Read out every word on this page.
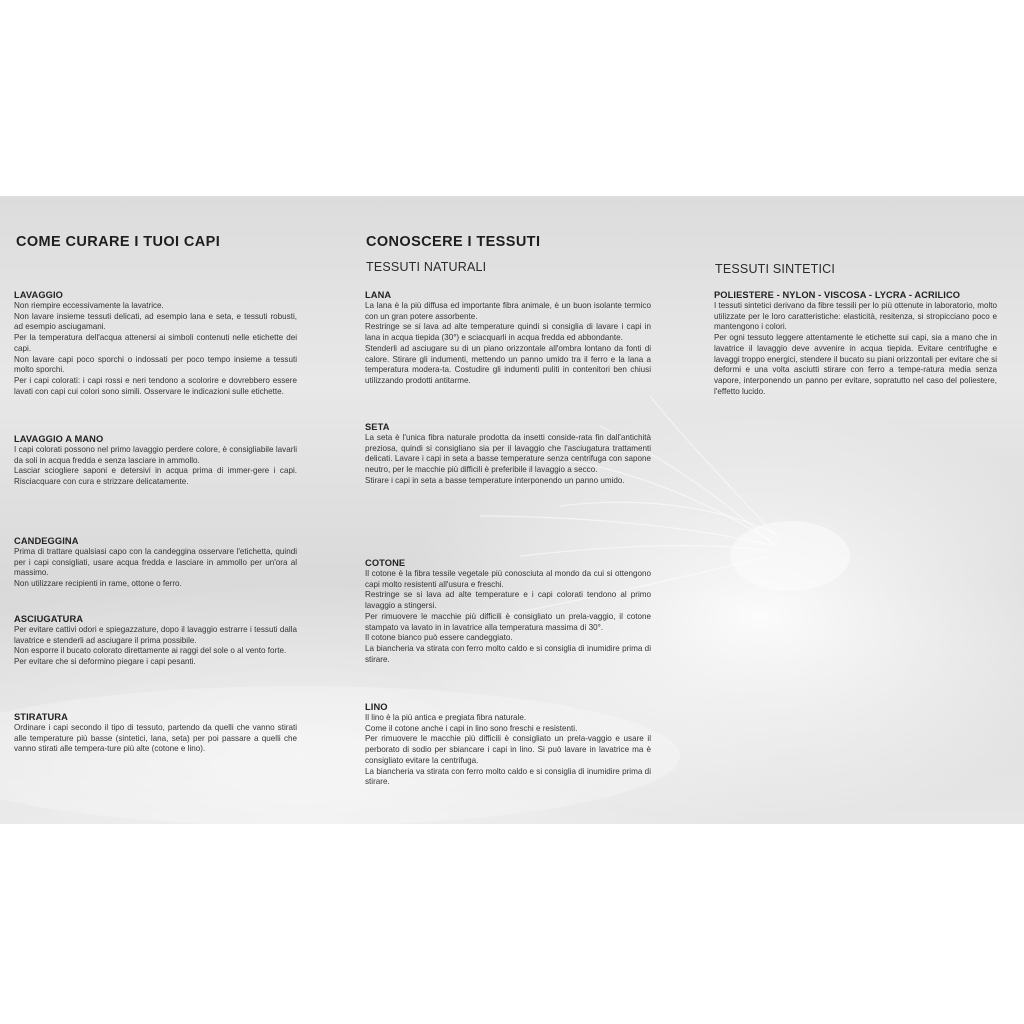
COME CURARE I TUOI CAPI

LAVAGGIO

Non riempire eccessivamente la lavatrice.

Non lavare insieme tessuti delicati, ad esempio lana e seta, e tessuti robusti, ad esempio asciugamani.

Per la temperatura dell'acqua attenersi ai simboli contenuti nelle etichette dei capi.

Non lavare capi poco sporchi o indossati per poco tempo insieme a tessuti molto sporchi.

Per i capi colorati: i capi rossi e neri tendono a scolorire e dovrebbero essere lavati con capi cui colori sono simili. Osservare le indicazioni sulle etichette.

LAVAGGIO A MANO

I capi colorati possono nel primo lavaggio perdere colore, è consigliabile lavarli da soli in acqua fredda e senza lasciare in ammollo.

Lasciar sciogliere saponi e detersivi in acqua prima di immer-gere i capi. Risciacquare con cura e strizzare delicatamente.

CANDEGGINA

Prima di trattare qualsiasi capo con la candeggina osservare l'etichetta, quindi per i capi consigliati, usare acqua fredda e lasciare in ammollo per un'ora al massimo.

Non utilizzare recipienti in rame, ottone o ferro.

ASCIUGATURA

Per evitare cattivi odori e spiegazzature, dopo il lavaggio estrarre i tessuti dalla lavatrice e stenderli ad asciugare il prima possibile.

Non esporre il bucato colorato direttamente ai raggi del sole o al vento forte.

Per evitare che si deformino piegare i capi pesanti.

STIRATURA

Ordinare i capi secondo il tipo di tessuto, partendo da quelli che vanno stirati alle temperature più basse (sintetici, lana, seta) per poi passare a quelli che vanno stirati alle tempera-ture più alte (cotone e lino).

CONOSCERE I TESSUTI
TESSUTI NATURALI

LANA

La lana è la più diffusa ed importante fibra animale, è un buon isolante termico con un gran potere assorbente.

Restringe se si lava ad alte temperature quindi si consiglia di lavare i capi in lana in acqua tiepida (30°) e sciacquarli in acqua fredda ed abbondante.

Stenderli ad asciugare su di un piano orizzontale all'ombra lontano da fonti di calore. Stirare gli indumenti, mettendo un panno umido tra il ferro e la lana a temperatura modera-ta. Costudire gli indumenti puliti in contenitori ben chiusi utilizzando prodotti antitarme.

SETA

La seta è l'unica fibra naturale prodotta da insetti conside-rata fin dall'antichità preziosa, quindi si consigliano sia per il lavaggio che l'asciugatura trattamenti delicati. Lavare i capi in seta a basse temperature senza centrifuga con sapone neutro, per le macchie più difficili è preferibile il lavaggio a secco.

Stirare i capi in seta a basse temperature interponendo un panno umido.

COTONE

Il cotone è la fibra tessile vegetale più conosciuta al mondo da cui si ottengono capi molto resistenti all'usura e freschi.

Restringe se si lava ad alte temperature e i capi colorati tendono al primo lavaggio a stingersi.

Per rimuovere le macchie più difficili è consigliato un prela-vaggio, il cotone stampato va lavato in in lavatrice alla temperatura massima di 30°.

Il cotone bianco può essere candeggiato.

La biancheria va stirata con ferro molto caldo e si consiglia di inumidire prima di stirare.

LINO

Il lino è la più antica e pregiata fibra naturale.

Come il cotone anche i capi in lino sono freschi e resistenti.

Per rimuovere le macchie più difficili è consigliato un prela-vaggio e usare il perborato di sodio per sbiancare i capi in lino. Si può lavare in lavatrice ma è consigliato evitare la centrifuga.

La biancheria va stirata con ferro molto caldo e si consiglia di inumidire prima di stirare.

TESSUTI SINTETICI

POLIESTERE - NYLON - VISCOSA - LYCRA - ACRILICO

I tessuti sintetici derivano da fibre tessili per lo più ottenute in laboratorio, molto utilizzate per le loro caratteristiche: elasticità, resitenza, si stropicciano poco e mantengono i colori.

Per ogni tessuto leggere attentamente le etichette sui capi, sia a mano che in lavatrice il lavaggio deve avvenire in acqua tiepida. Evitare centrifughe e lavaggi troppo energici, stendere il bucato su piani orizzontali per evitare che si deformi e una volta asciutti stirare con ferro a tempe-ratura media senza vapore, interponendo un panno per evitare, sopratutto nel caso del poliestere, l'effetto lucido.
